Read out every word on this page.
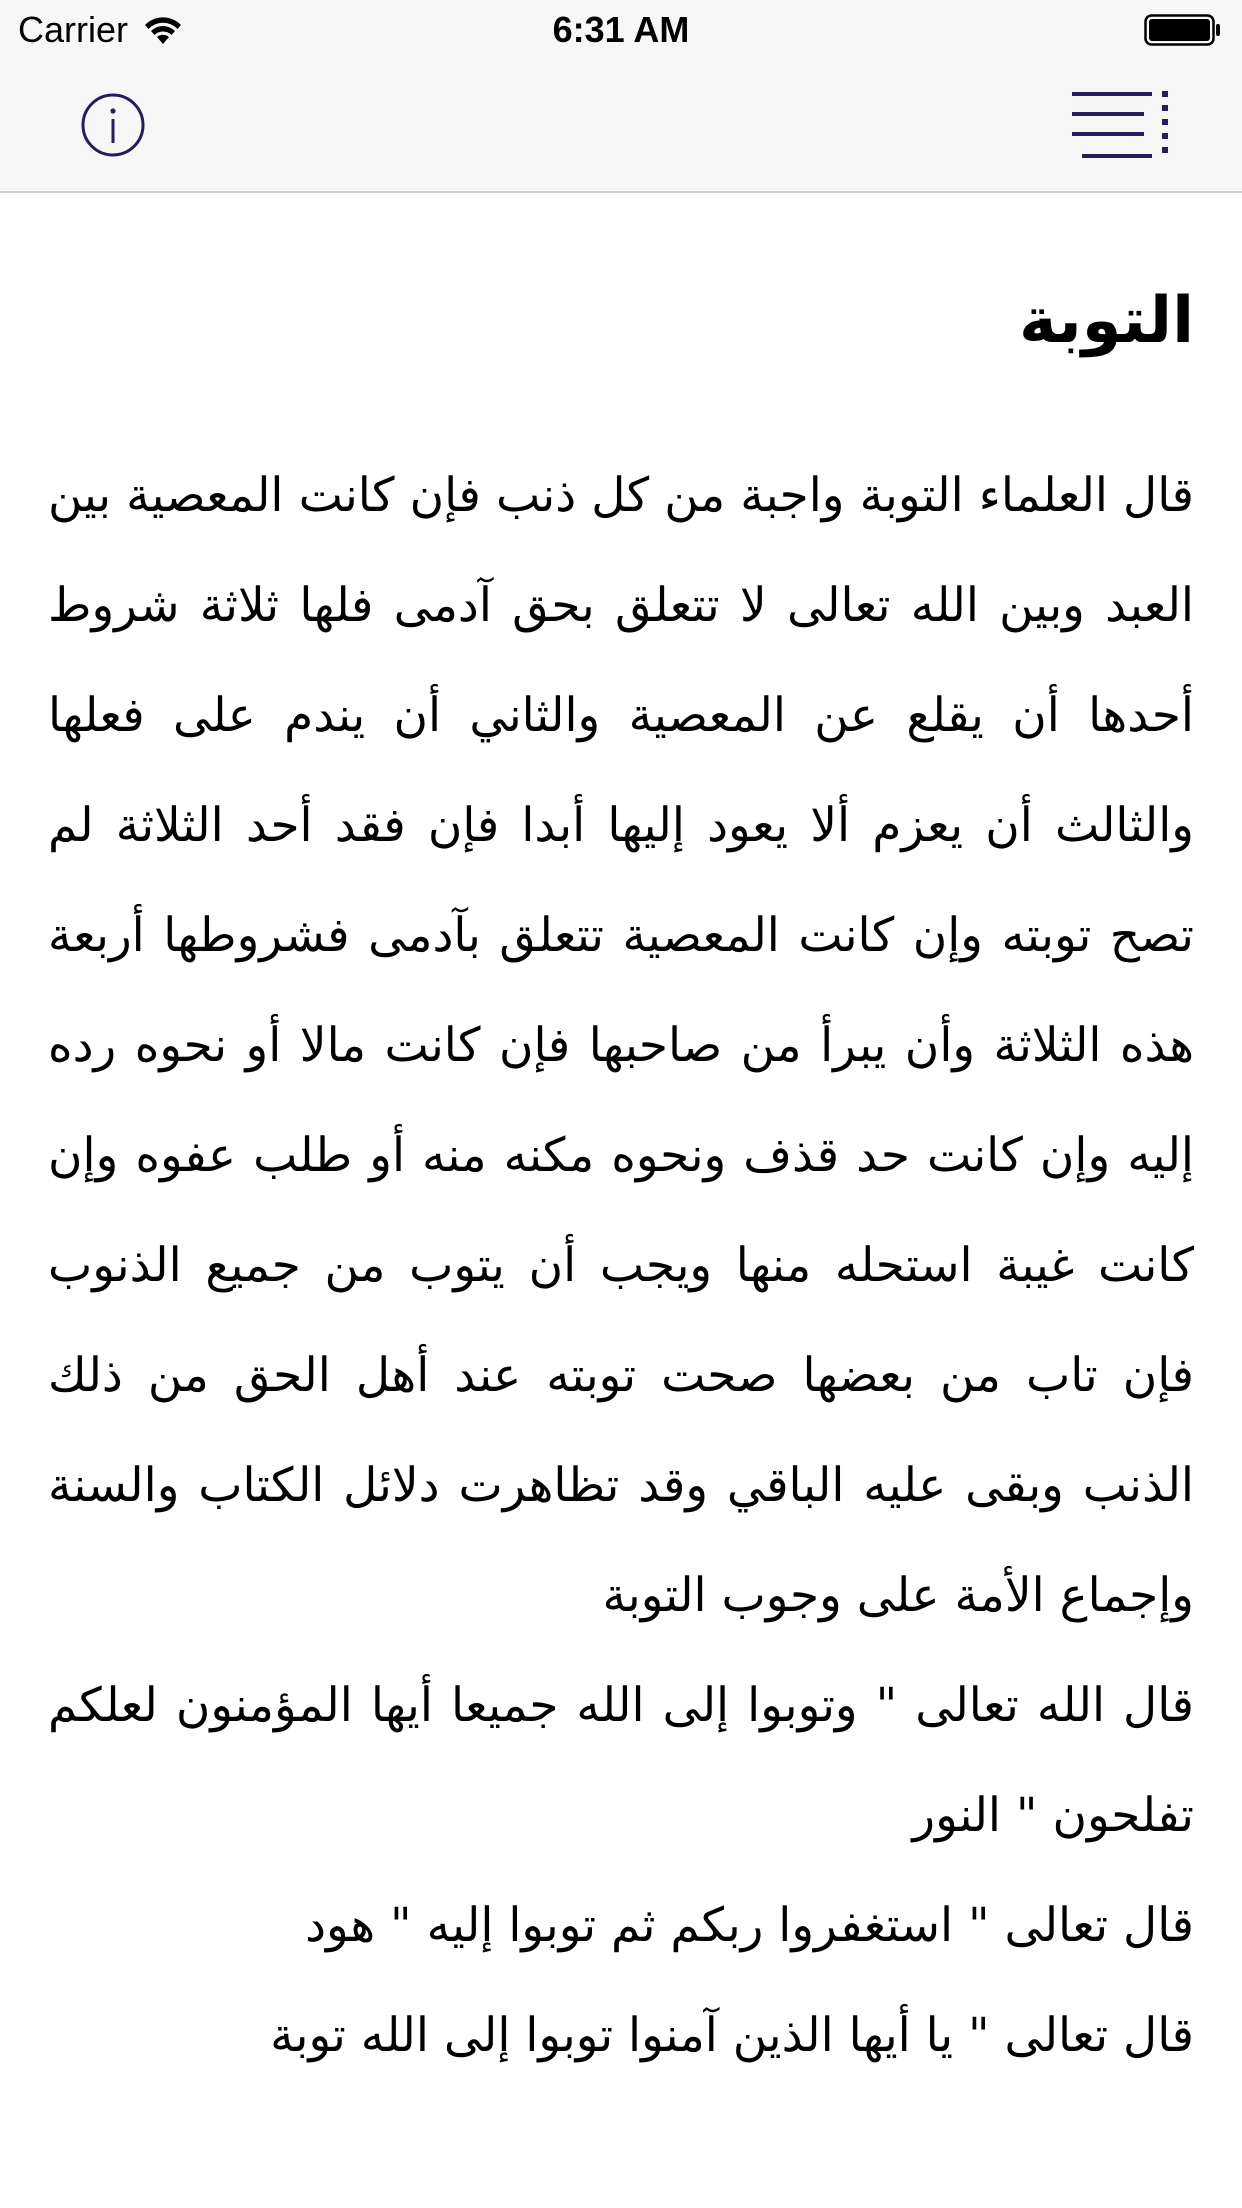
Carrier	6:31 AM
التوبة

قال العلماء التوبة واجبة من كل ذنب فإن كانت المعصية بين العبد وبين الله تعالى لا تتعلق بحق آدمى فلها ثلاثة شروط أحدها أن يقلع عن المعصية والثاني أن يندم على فعلها والثالث أن يعزم ألا يعود إليها أبدا فإن فقد أحد الثلاثة لم تصح توبته وإن كانت المعصية تتعلق بآدمى فشروطها أربعة هذه الثلاثة وأن يبرأ من صاحبها فإن كانت مالا أو نحوه رده إليه وإن كانت حد قذف ونحوه مكنه منه أو طلب عفوه وإن كانت غيبة استحله منها ويجب أن يتوب من جميع الذنوب فإن تاب من بعضها صحت توبته عند أهل الحق من ذلك الذنب وبقى عليه الباقي وقد تظاهرت دلائل الكتاب والسنة وإجماع الأمة على وجوب التوبة

قال الله تعالى " وتوبوا إلى الله جميعا أيها المؤمنون لعلكم تفلحون " النور

قال تعالى " استغفروا ربكم ثم توبوا إليه " هود

قال تعالى " يا أيها الذين آمنوا توبوا إلى الله توبة
